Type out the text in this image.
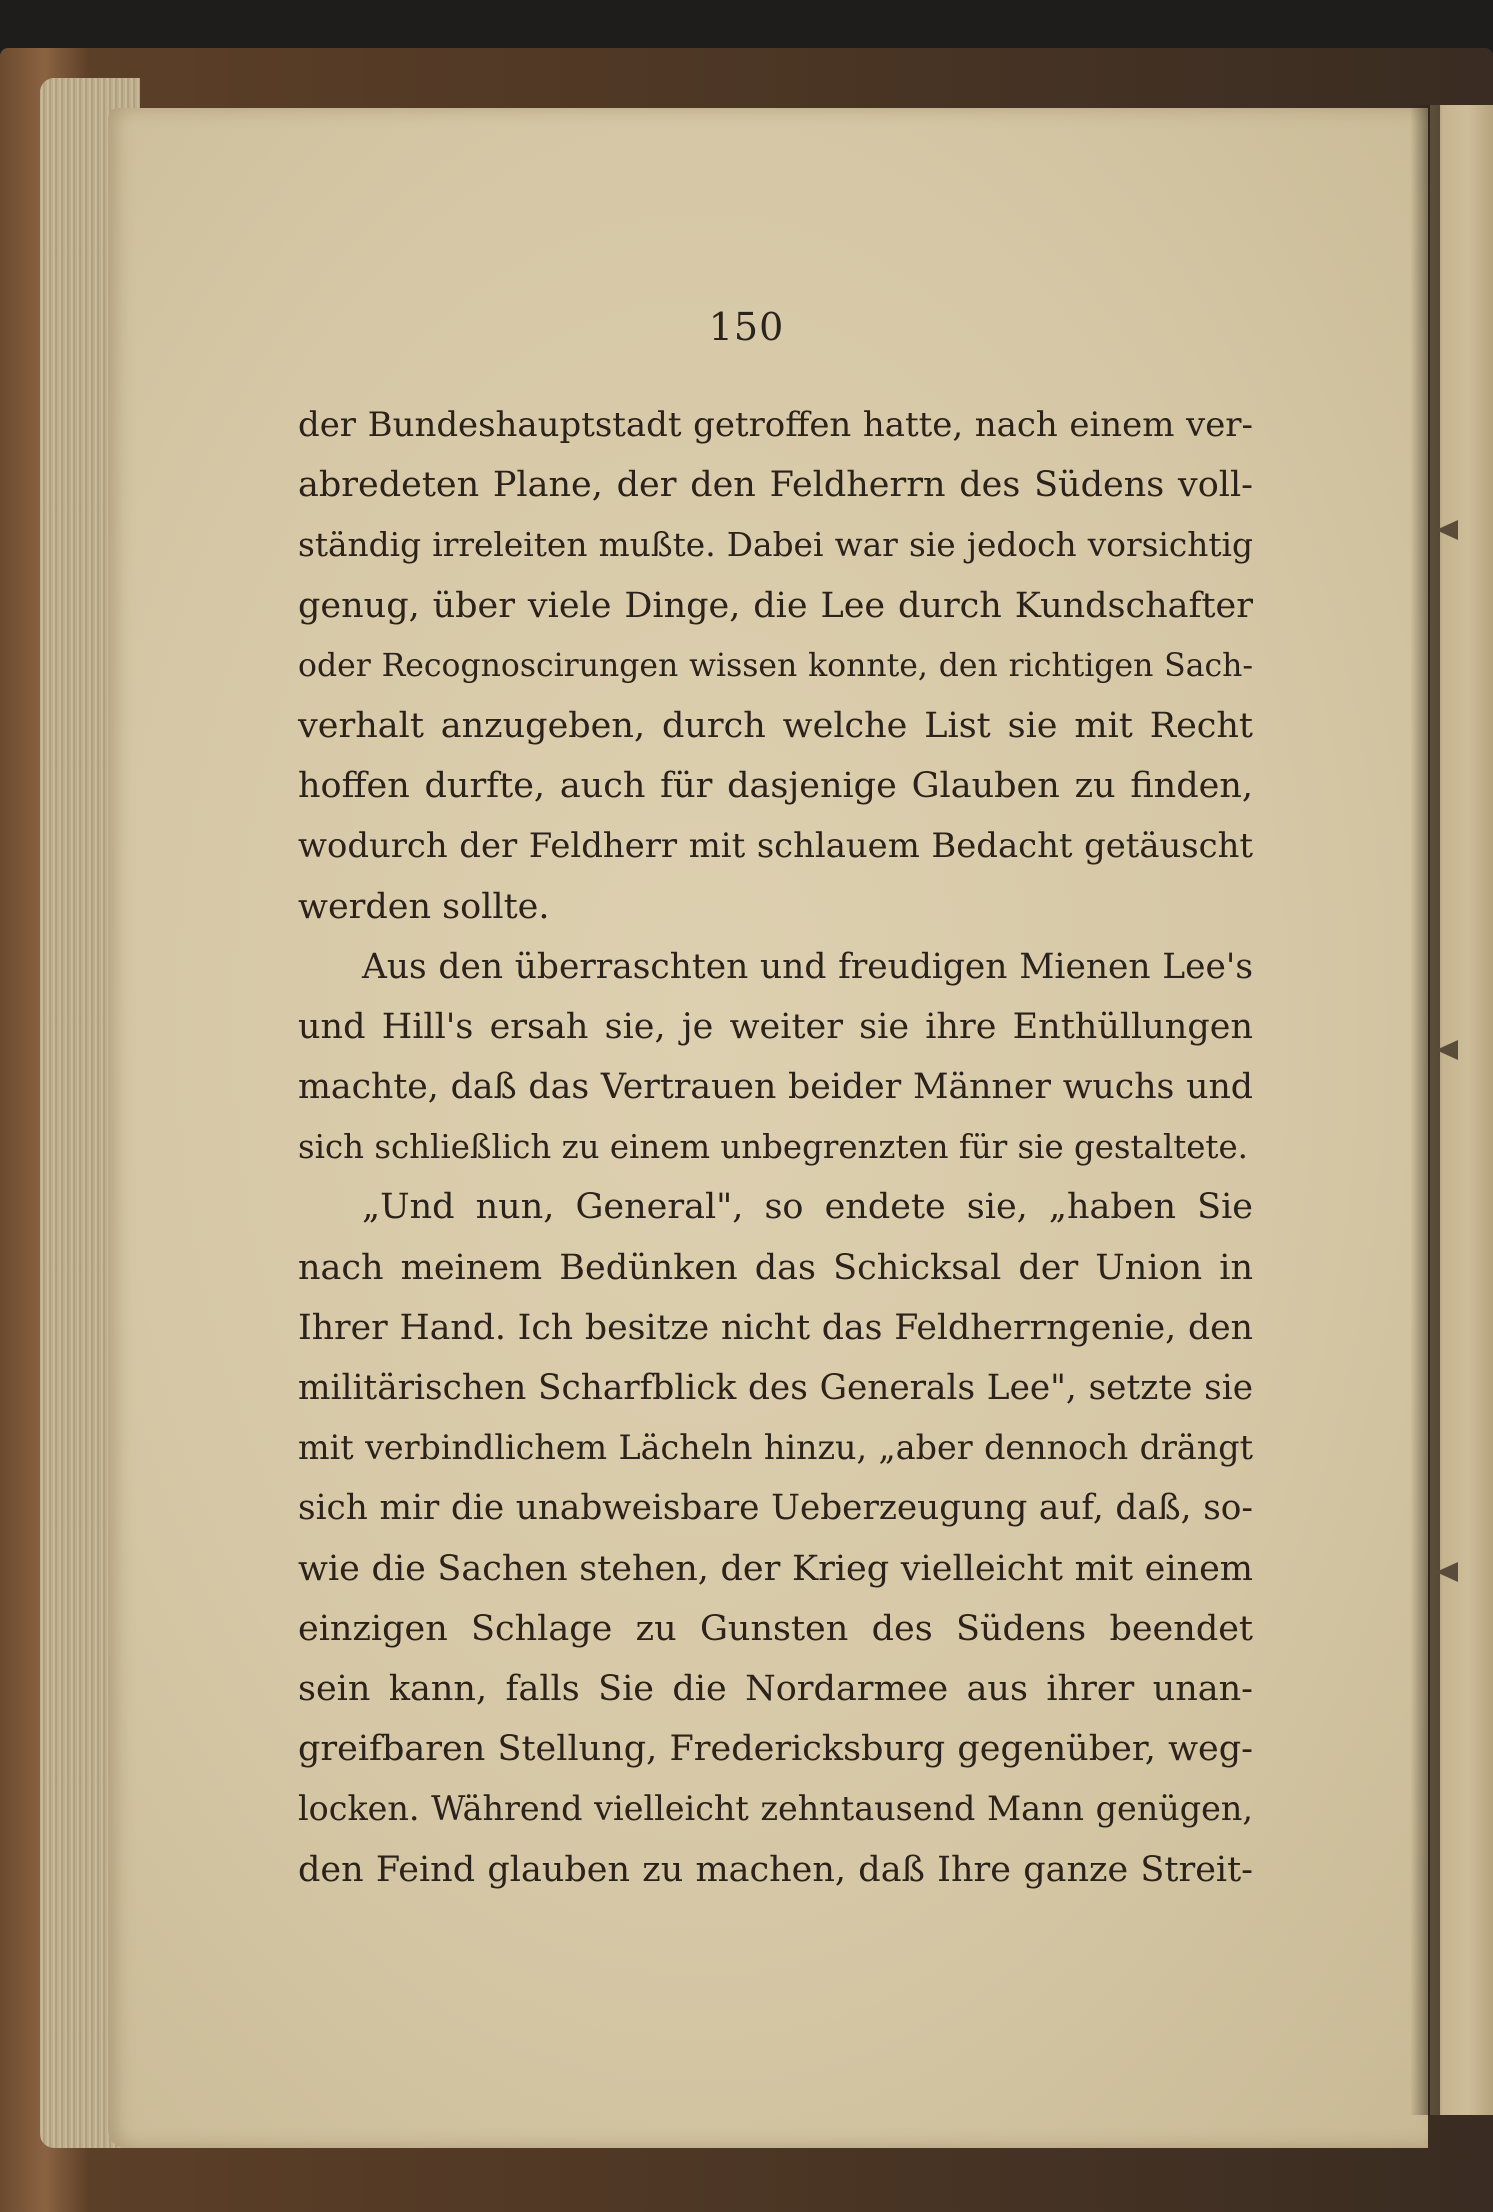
150
der Bundeshauptstadt getroffen hatte, nach einem ver-
abredeten Plane, der den Feldherrn des Südens voll-
ständig irreleiten mußte. Dabei war sie jedoch vorsichtig
genug, über viele Dinge, die Lee durch Kundschafter
oder Recognoscirungen wissen konnte, den richtigen Sach-
verhalt anzugeben, durch welche List sie mit Recht
hoffen durfte, auch für dasjenige Glauben zu finden,
wodurch der Feldherr mit schlauem Bedacht getäuscht
werden sollte.
Aus den überraschten und freudigen Mienen Lee's
und Hill's ersah sie, je weiter sie ihre Enthüllungen
machte, daß das Vertrauen beider Männer wuchs und
sich schließlich zu einem unbegrenzten für sie gestaltete.
„Und nun, General", so endete sie, „haben Sie
nach meinem Bedünken das Schicksal der Union in
Ihrer Hand. Ich besitze nicht das Feldherrngenie, den
militärischen Scharfblick des Generals Lee", setzte sie
mit verbindlichem Lächeln hinzu, „aber dennoch drängt
sich mir die unabweisbare Ueberzeugung auf, daß, so-
wie die Sachen stehen, der Krieg vielleicht mit einem
einzigen Schlage zu Gunsten des Südens beendet
sein kann, falls Sie die Nordarmee aus ihrer unan-
greifbaren Stellung, Fredericksburg gegenüber, weg-
locken. Während vielleicht zehntausend Mann genügen,
den Feind glauben zu machen, daß Ihre ganze Streit-
